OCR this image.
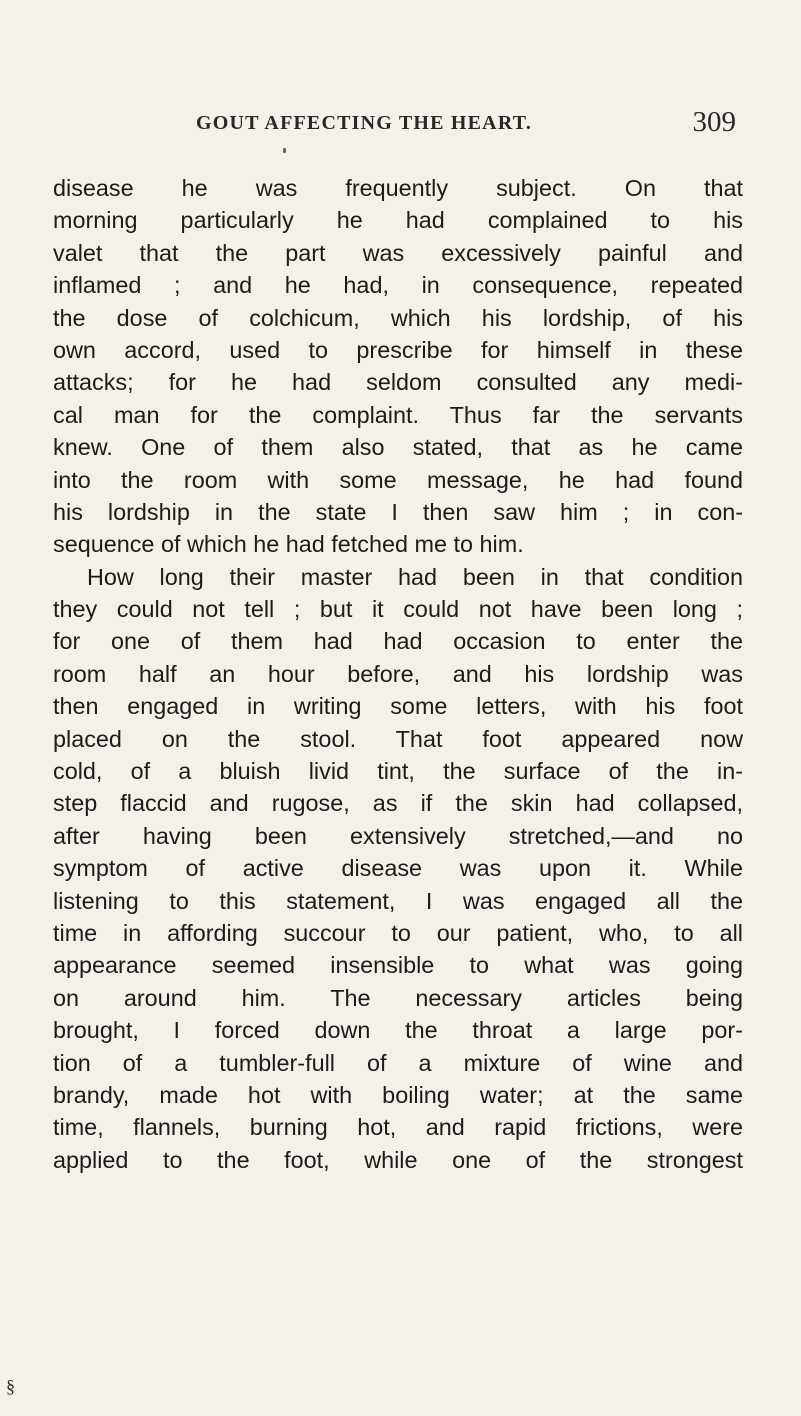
GOUT AFFECTING THE HEART.	309
disease he was frequently subject. On that
morning particularly he had complained to his
valet that the part was excessively painful and
inflamed ; and he had, in consequence, repeated
the dose of colchicum, which his lordship, of his
own accord, used to prescribe for himself in these
attacks; for he had seldom consulted any medi-
cal man for the complaint. Thus far the servants
knew. One of them also stated, that as he came
into the room with some message, he had found
his lordship in the state I then saw him ; in con-
sequence of which he had fetched me to him.
How long their master had been in that condition
they could not tell ; but it could not have been long ;
for one of them had had occasion to enter the
room half an hour before, and his lordship was
then engaged in writing some letters, with his foot
placed on the stool. That foot appeared now
cold, of a bluish livid tint, the surface of the in-
step flaccid and rugose, as if the skin had collapsed,
after having been extensively stretched,—and no
symptom of active disease was upon it. While
listening to this statement, I was engaged all the
time in affording succour to our patient, who, to all
appearance seemed insensible to what was going
on around him. The necessary articles being
brought, I forced down the throat a large por-
tion of a tumbler-full of a mixture of wine and
brandy, made hot with boiling water; at the same
time, flannels, burning hot, and rapid frictions, were
applied to the foot, while one of the strongest
§
